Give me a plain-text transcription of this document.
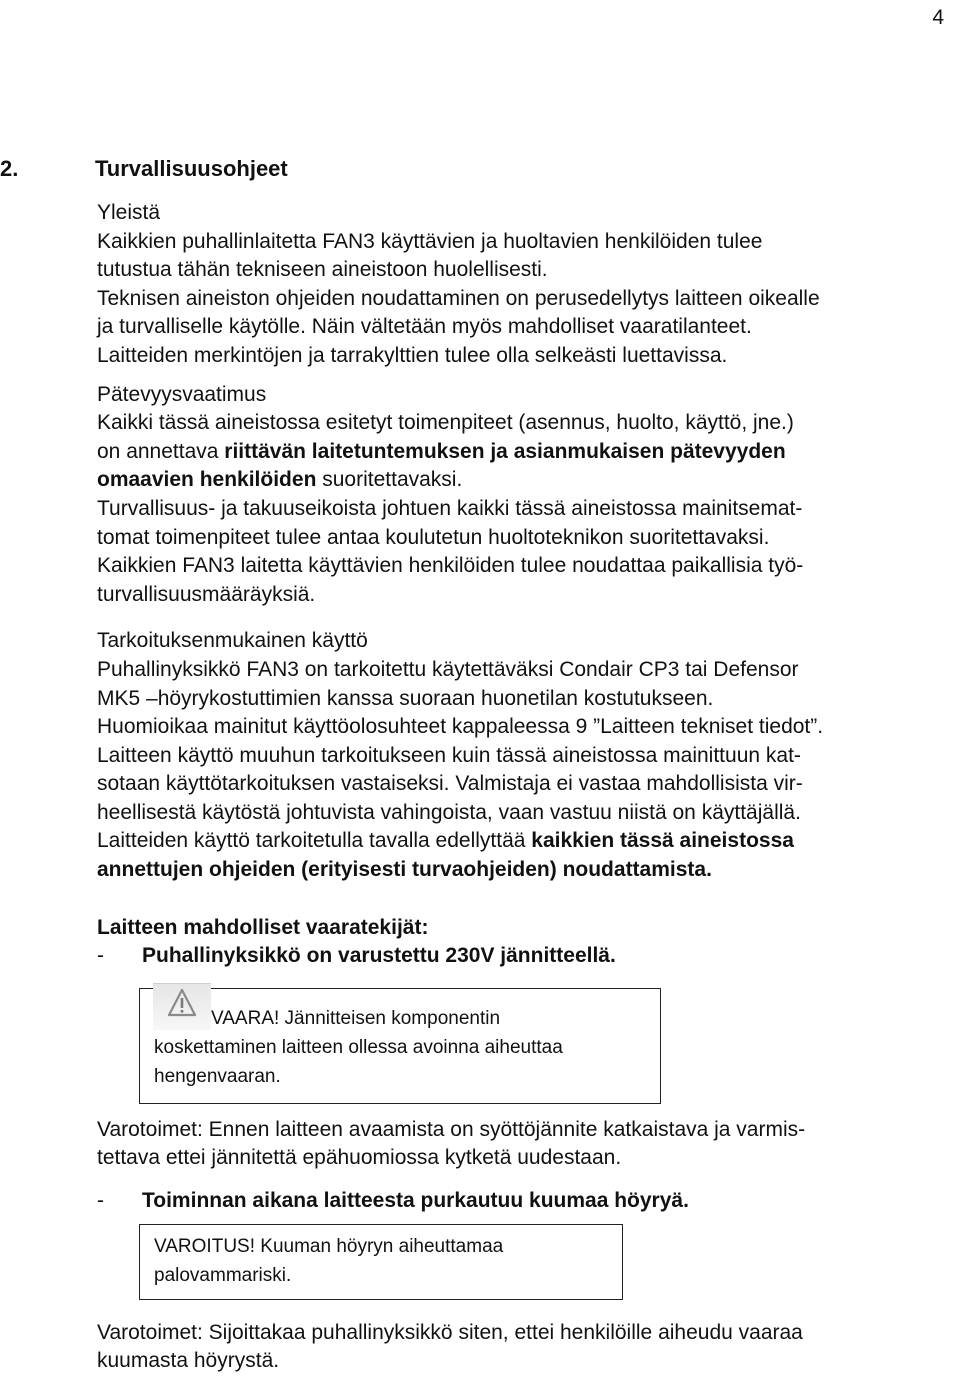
4
2.	Turvallisuusohjeet

Yleistä

Kaikkien puhallinlaitetta FAN3 käyttävien ja huoltavien henkilöiden tulee

tutustua tähän tekniseen aineistoon huolellisesti.

Teknisen aineiston ohjeiden noudattaminen on perusedellytys laitteen oikealle

ja turvalliselle käytölle. Näin vältetään myös mahdolliset vaaratilanteet.

Laitteiden merkintöjen ja tarrakylttien tulee olla selkeästi luettavissa.

Pätevyysvaatimus

Kaikki tässä aineistossa esitetyt toimenpiteet (asennus, huolto, käyttö, jne.)

on annettava riittävän laitetuntemuksen ja asianmukaisen pätevyyden

omaavien henkilöiden suoritettavaksi.

Turvallisuus- ja takuuseikoista johtuen kaikki tässä aineistossa mainitsemat-

tomat toimenpiteet tulee antaa koulutetun huoltoteknikon suoritettavaksi.

Kaikkien FAN3 laitetta käyttävien henkilöiden tulee noudattaa paikallisia työ-

turvallisuusmääräyksiä.

Tarkoituksenmukainen käyttö

Puhallinyksikkö FAN3 on tarkoitettu käytettäväksi Condair CP3 tai Defensor

MK5 –höyrykostuttimien kanssa suoraan huonetilan kostutukseen.

Huomioikaa mainitut käyttöolosuhteet kappaleessa 9 ”Laitteen tekniset tiedot”.

Laitteen käyttö muuhun tarkoitukseen kuin tässä aineistossa mainittuun kat-

sotaan käyttötarkoituksen vastaiseksi. Valmistaja ei vastaa mahdollisista vir-

heellisestä käytöstä johtuvista vahingoista, vaan vastuu niistä on käyttäjällä.

Laitteiden käyttö tarkoitetulla tavalla edellyttää kaikkien tässä aineistossa

annettujen ohjeiden (erityisesti turvaohjeiden) noudattamista.

Laitteen mahdolliset vaaratekijät:

- Puhallinyksikkö on varustettu 230V jännitteellä.

VAARA! Jännitteisen komponentin
koskettaminen laitteen ollessa avoinna aiheuttaa
hengenvaaran.

Varotoimet: Ennen laitteen avaamista on syöttöjännite katkaistava ja varmis-

tettava ettei jännitettä epähuomiossa kytketä uudestaan.

- Toiminnan aikana laitteesta purkautuu kuumaa höyryä.

VAROITUS! Kuuman höyryn aiheuttamaa
palovammariski.

Varotoimet: Sijoittakaa puhallinyksikkö siten, ettei henkilöille aiheudu vaaraa

kuumasta höyrystä.
